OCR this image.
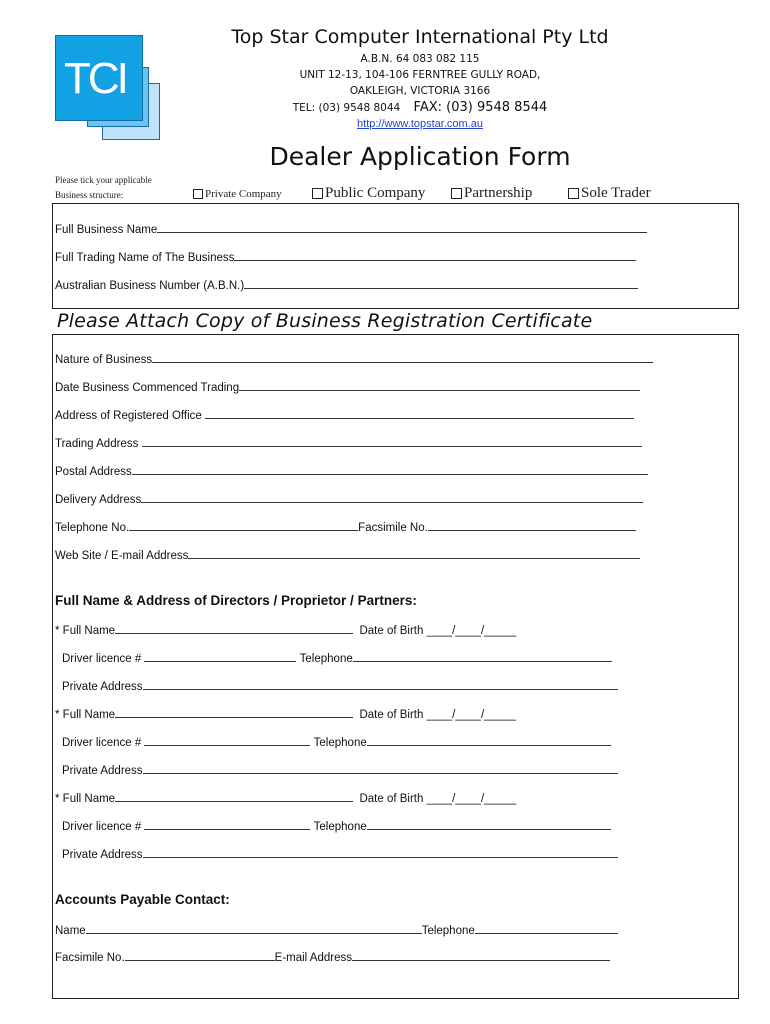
TCI
Top Star Computer International Pty Ltd
A.B.N. 64 083 082 115
UNIT 12-13, 104-106 FERNTREE GULLY ROAD,
OAKLEIGH, VICTORIA 3166
TEL: (03) 9548 8044 FAX: (03) 9548 8544
http://www.topstar.com.au
Dealer Application Form
Please tick your applicable
Business structure:	Private Company	Public Company	Partnership	Sole Trader
Full Business Name
Full Trading Name of The Business
Australian Business Number (A.B.N.)
Please Attach Copy of Business Registration Certificate
Nature of Business
Date Business Commenced Trading
Address of Registered Office
Trading Address
Postal Address
Delivery Address
Telephone No.	Facsimile No.
Web Site / E-mail Address
Full Name & Address of Directors / Proprietor / Partners:
* Full Name	Date of Birth ____/____/_____
Driver licence #	Telephone
Private Address
* Full Name	Date of Birth ____/____/_____
Driver licence #	Telephone
Private Address
* Full Name	Date of Birth ____/____/_____
Driver licence #	Telephone
Private Address
Accounts Payable Contact:
Name	Telephone
Facsimile No.	E-mail Address
